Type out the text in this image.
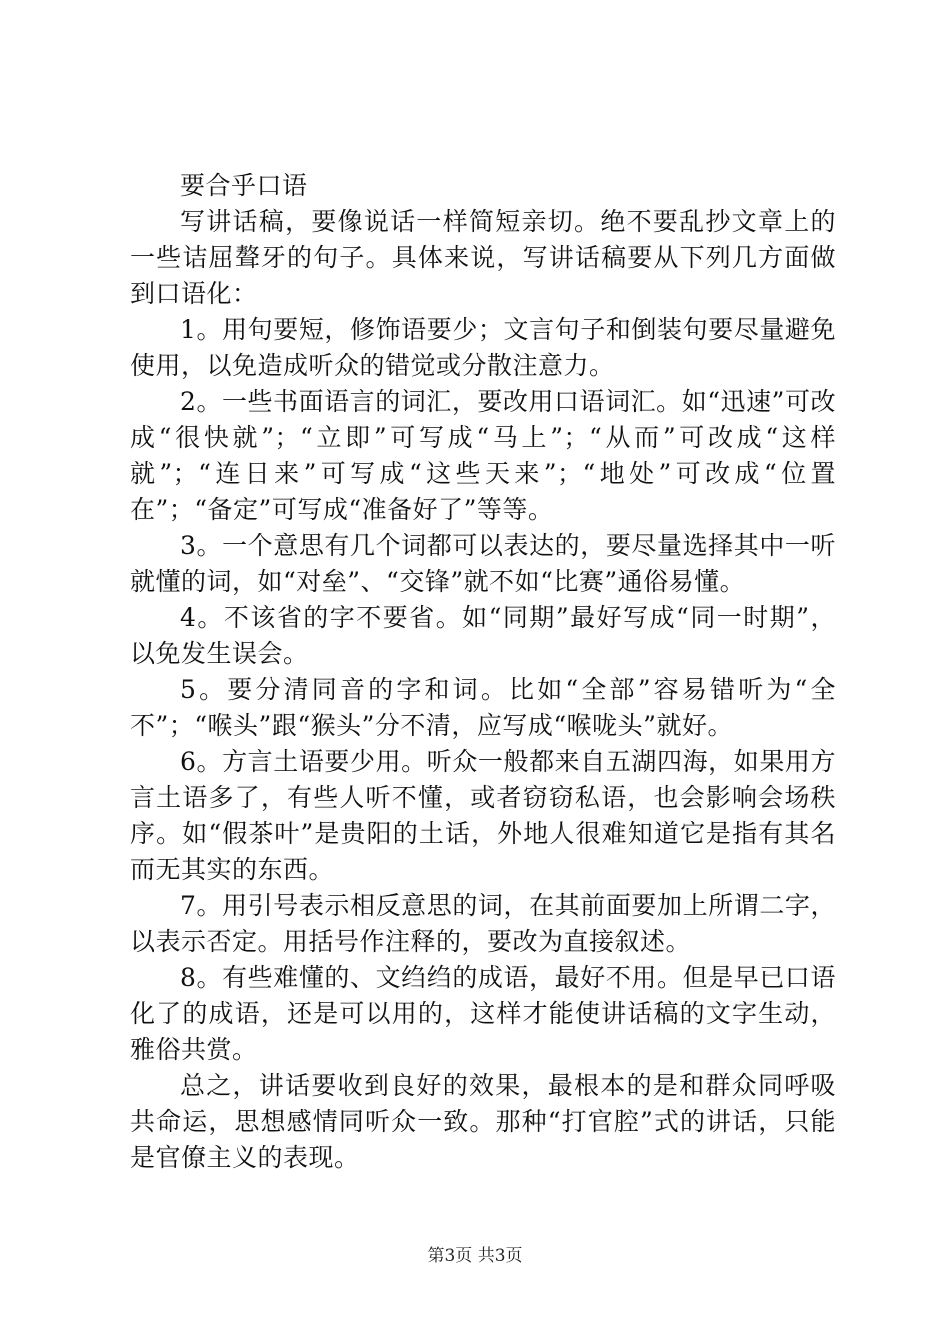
要合乎口语

写讲话稿，要像说话一样简短亲切。绝不要乱抄文章上的一些诘屈聱牙的句子。具体来说，写讲话稿要从下列几方面做到口语化：

1。用句要短，修饰语要少；文言句子和倒装句要尽量避免使用，以免造成听众的错觉或分散注意力。

2。一些书面语言的词汇，要改用口语词汇。如“迅速”可改成“很快就”；“立即”可写成“马上”；“从而”可改成“这样就”；“连日来”可写成“这些天来”；“地处”可改成“位置在”；“备定”可写成“准备好了”等等。

3。一个意思有几个词都可以表达的，要尽量选择其中一听就懂的词，如“对垒”、“交锋”就不如“比赛”通俗易懂。

4。不该省的字不要省。如“同期”最好写成“同一时期”，以免发生误会。

5。要分清同音的字和词。比如“全部”容易错听为“全不”；“喉头”跟“猴头”分不清，应写成“喉咙头”就好。

6。方言土语要少用。听众一般都来自五湖四海，如果用方言土语多了，有些人听不懂，或者窃窃私语，也会影响会场秩序。如“假茶叶”是贵阳的土话，外地人很难知道它是指有其名而无其实的东西。

7。用引号表示相反意思的词，在其前面要加上所谓二字，以表示否定。用括号作注释的，要改为直接叙述。

8。有些难懂的、文绉绉的成语，最好不用。但是早已口语化了的成语，还是可以用的，这样才能使讲话稿的文字生动，雅俗共赏。

总之，讲话要收到良好的效果，最根本的是和群众同呼吸共命运，思想感情同听众一致。那种“打官腔”式的讲话，只能是官僚主义的表现。

第3页 共3页
